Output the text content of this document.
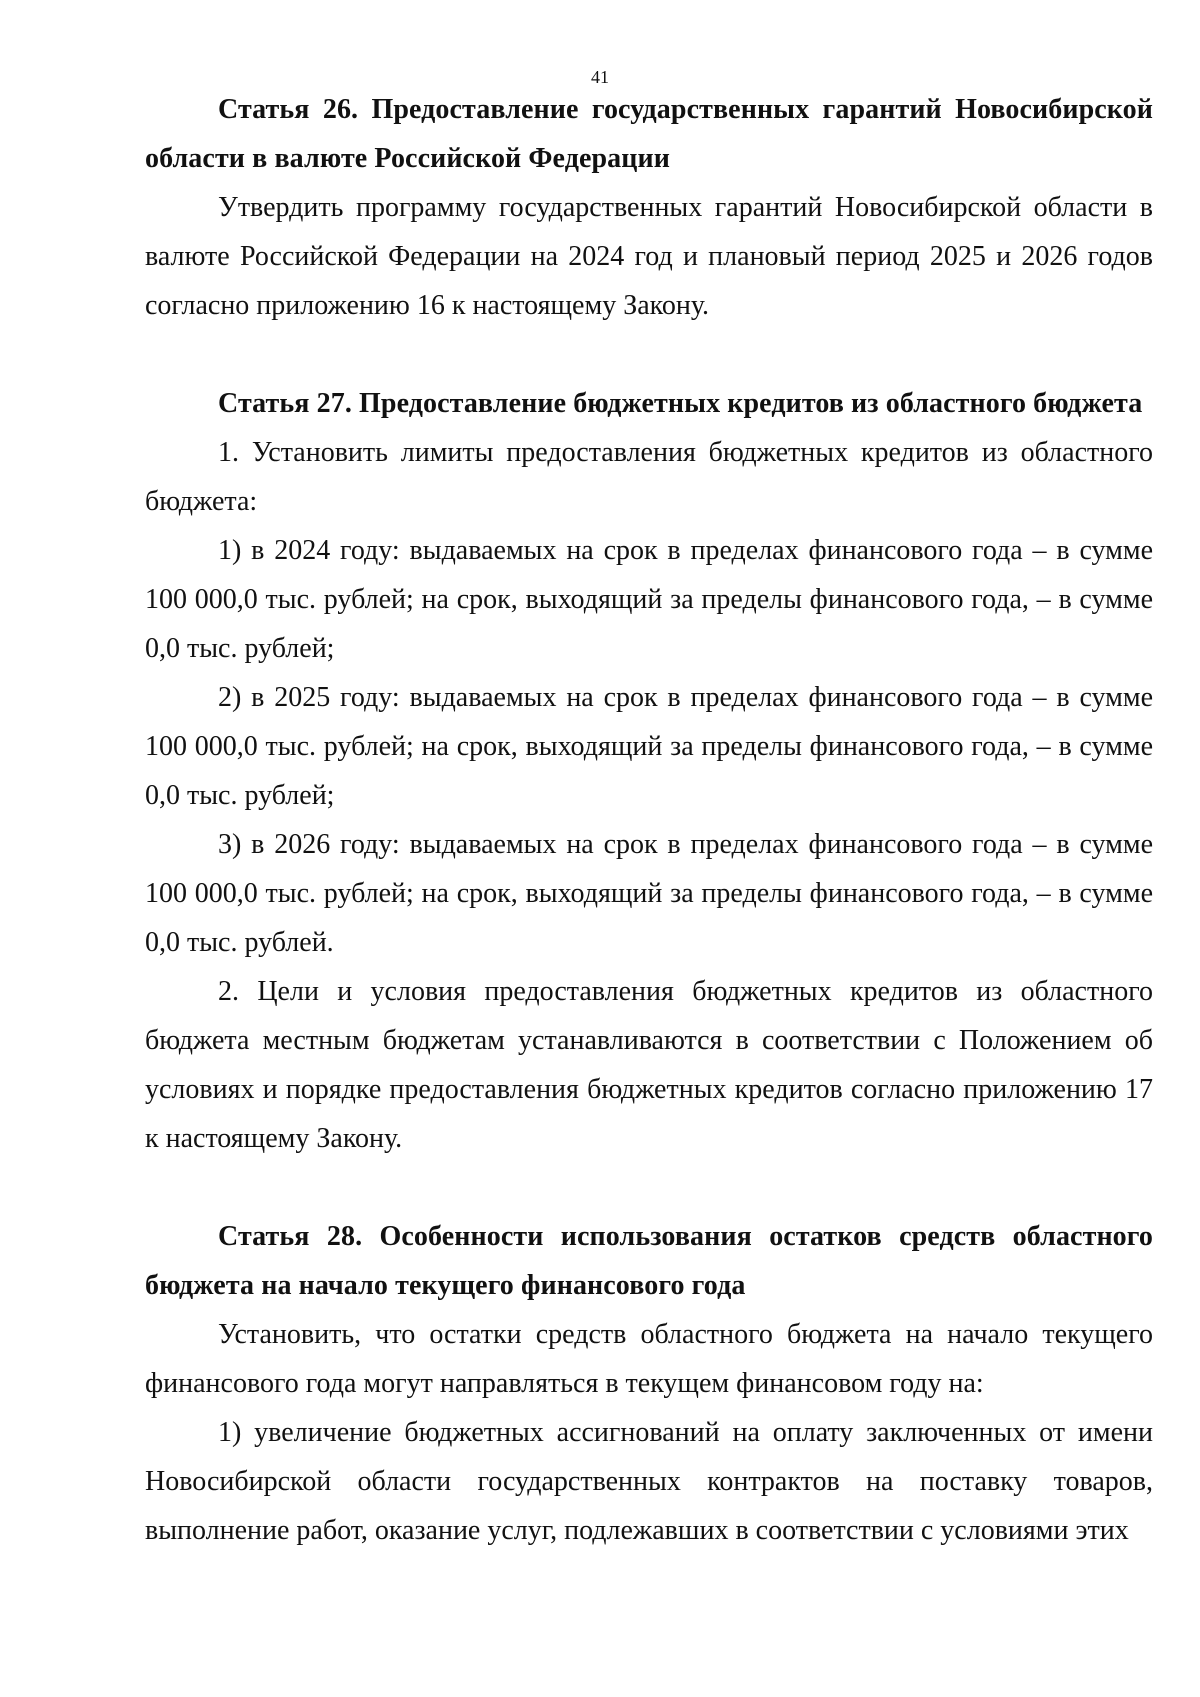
41

Статья 26. Предоставление государственных гарантий Новосибирской области в валюте Российской Федерации

Утвердить программу государственных гарантий Новосибирской области в валюте Российской Федерации на 2024 год и плановый период 2025 и 2026 годов согласно приложению 16 к настоящему Закону.

Статья 27. Предоставление бюджетных кредитов из областного бюджета

1. Установить лимиты предоставления бюджетных кредитов из областного бюджета:

1) в 2024 году: выдаваемых на срок в пределах финансового года – в сумме 100 000,0 тыс. рублей; на срок, выходящий за пределы финансового года, – в сумме 0,0 тыс. рублей;

2) в 2025 году: выдаваемых на срок в пределах финансового года – в сумме 100 000,0 тыс. рублей; на срок, выходящий за пределы финансового года, – в сумме 0,0 тыс. рублей;

3) в 2026 году: выдаваемых на срок в пределах финансового года – в сумме 100 000,0 тыс. рублей; на срок, выходящий за пределы финансового года, – в сумме 0,0 тыс. рублей.

2. Цели и условия предоставления бюджетных кредитов из областного бюджета местным бюджетам устанавливаются в соответствии с Положением об условиях и порядке предоставления бюджетных кредитов согласно приложению 17 к настоящему Закону.

Статья 28. Особенности использования остатков средств областного бюджета на начало текущего финансового года

Установить, что остатки средств областного бюджета на начало текущего финансового года могут направляться в текущем финансовом году на:

1) увеличение бюджетных ассигнований на оплату заключенных от имени Новосибирской области государственных контрактов на поставку товаров, выполнение работ, оказание услуг, подлежавших в соответствии с условиями этих
